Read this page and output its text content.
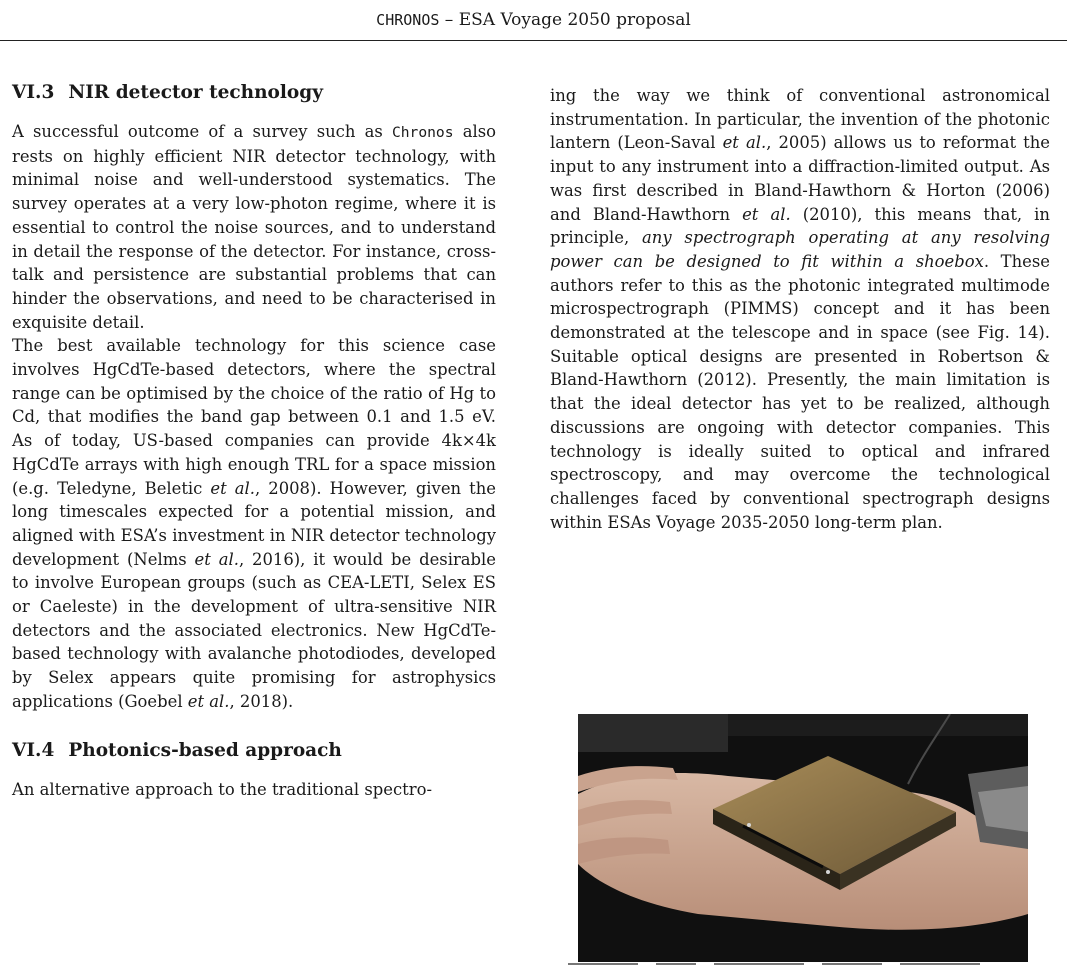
CHRONOS – ESA Voyage 2050 proposal
VI.3 NIR detector technology

A successful outcome of a survey such as Chronos also rests on highly efficient NIR detector technology, with minimal noise and well-understood systematics. The survey operates at a very low-photon regime, where it is essential to control the noise sources, and to understand in detail the response of the detector. For instance, cross-talk and persistence are substantial problems that can hinder the observations, and need to be characterised in exquisite detail.

The best available technology for this science case involves HgCdTe-based detectors, where the spectral range can be optimised by the choice of the ratio of Hg to Cd, that modifies the band gap between 0.1 and 1.5 eV. As of today, US-based companies can provide 4k×4k HgCdTe arrays with high enough TRL for a space mission (e.g. Teledyne, Beletic et al., 2008). However, given the long timescales expected for a potential mission, and aligned with ESA’s investment in NIR detector technology development (Nelms et al., 2016), it would be desirable to involve European groups (such as CEA-LETI, Selex ES or Caeleste) in the development of ultra-sensitive NIR detectors and the associated electronics. New HgCdTe-based technology with avalanche photodiodes, developed by Selex appears quite promising for astrophysics applications (Goebel et al., 2018).

VI.4 Photonics-based approach

An alternative approach to the traditional spectro-

ing the way we think of conventional astronomical instrumentation. In particular, the invention of the photonic lantern (Leon-Saval et al., 2005) allows us to reformat the input to any instrument into a diffraction-limited output. As was first described in Bland-Hawthorn & Horton (2006) and Bland-Hawthorn et al. (2010), this means that, in principle, any spectrograph operating at any resolving power can be designed to fit within a shoebox. These authors refer to this as the photonic integrated multimode microspectrograph (PIMMS) concept and it has been demonstrated at the telescope and in space (see Fig. 14). Suitable optical designs are presented in Robertson & Bland-Hawthorn (2012). Presently, the main limitation is that the ideal detector has yet to be realized, although discussions are ongoing with detector companies. This technology is ideally suited to optical and infrared spectroscopy, and may overcome the technological challenges faced by conventional spectrograph designs within ESAs Voyage 2035-2050 long-term plan.
